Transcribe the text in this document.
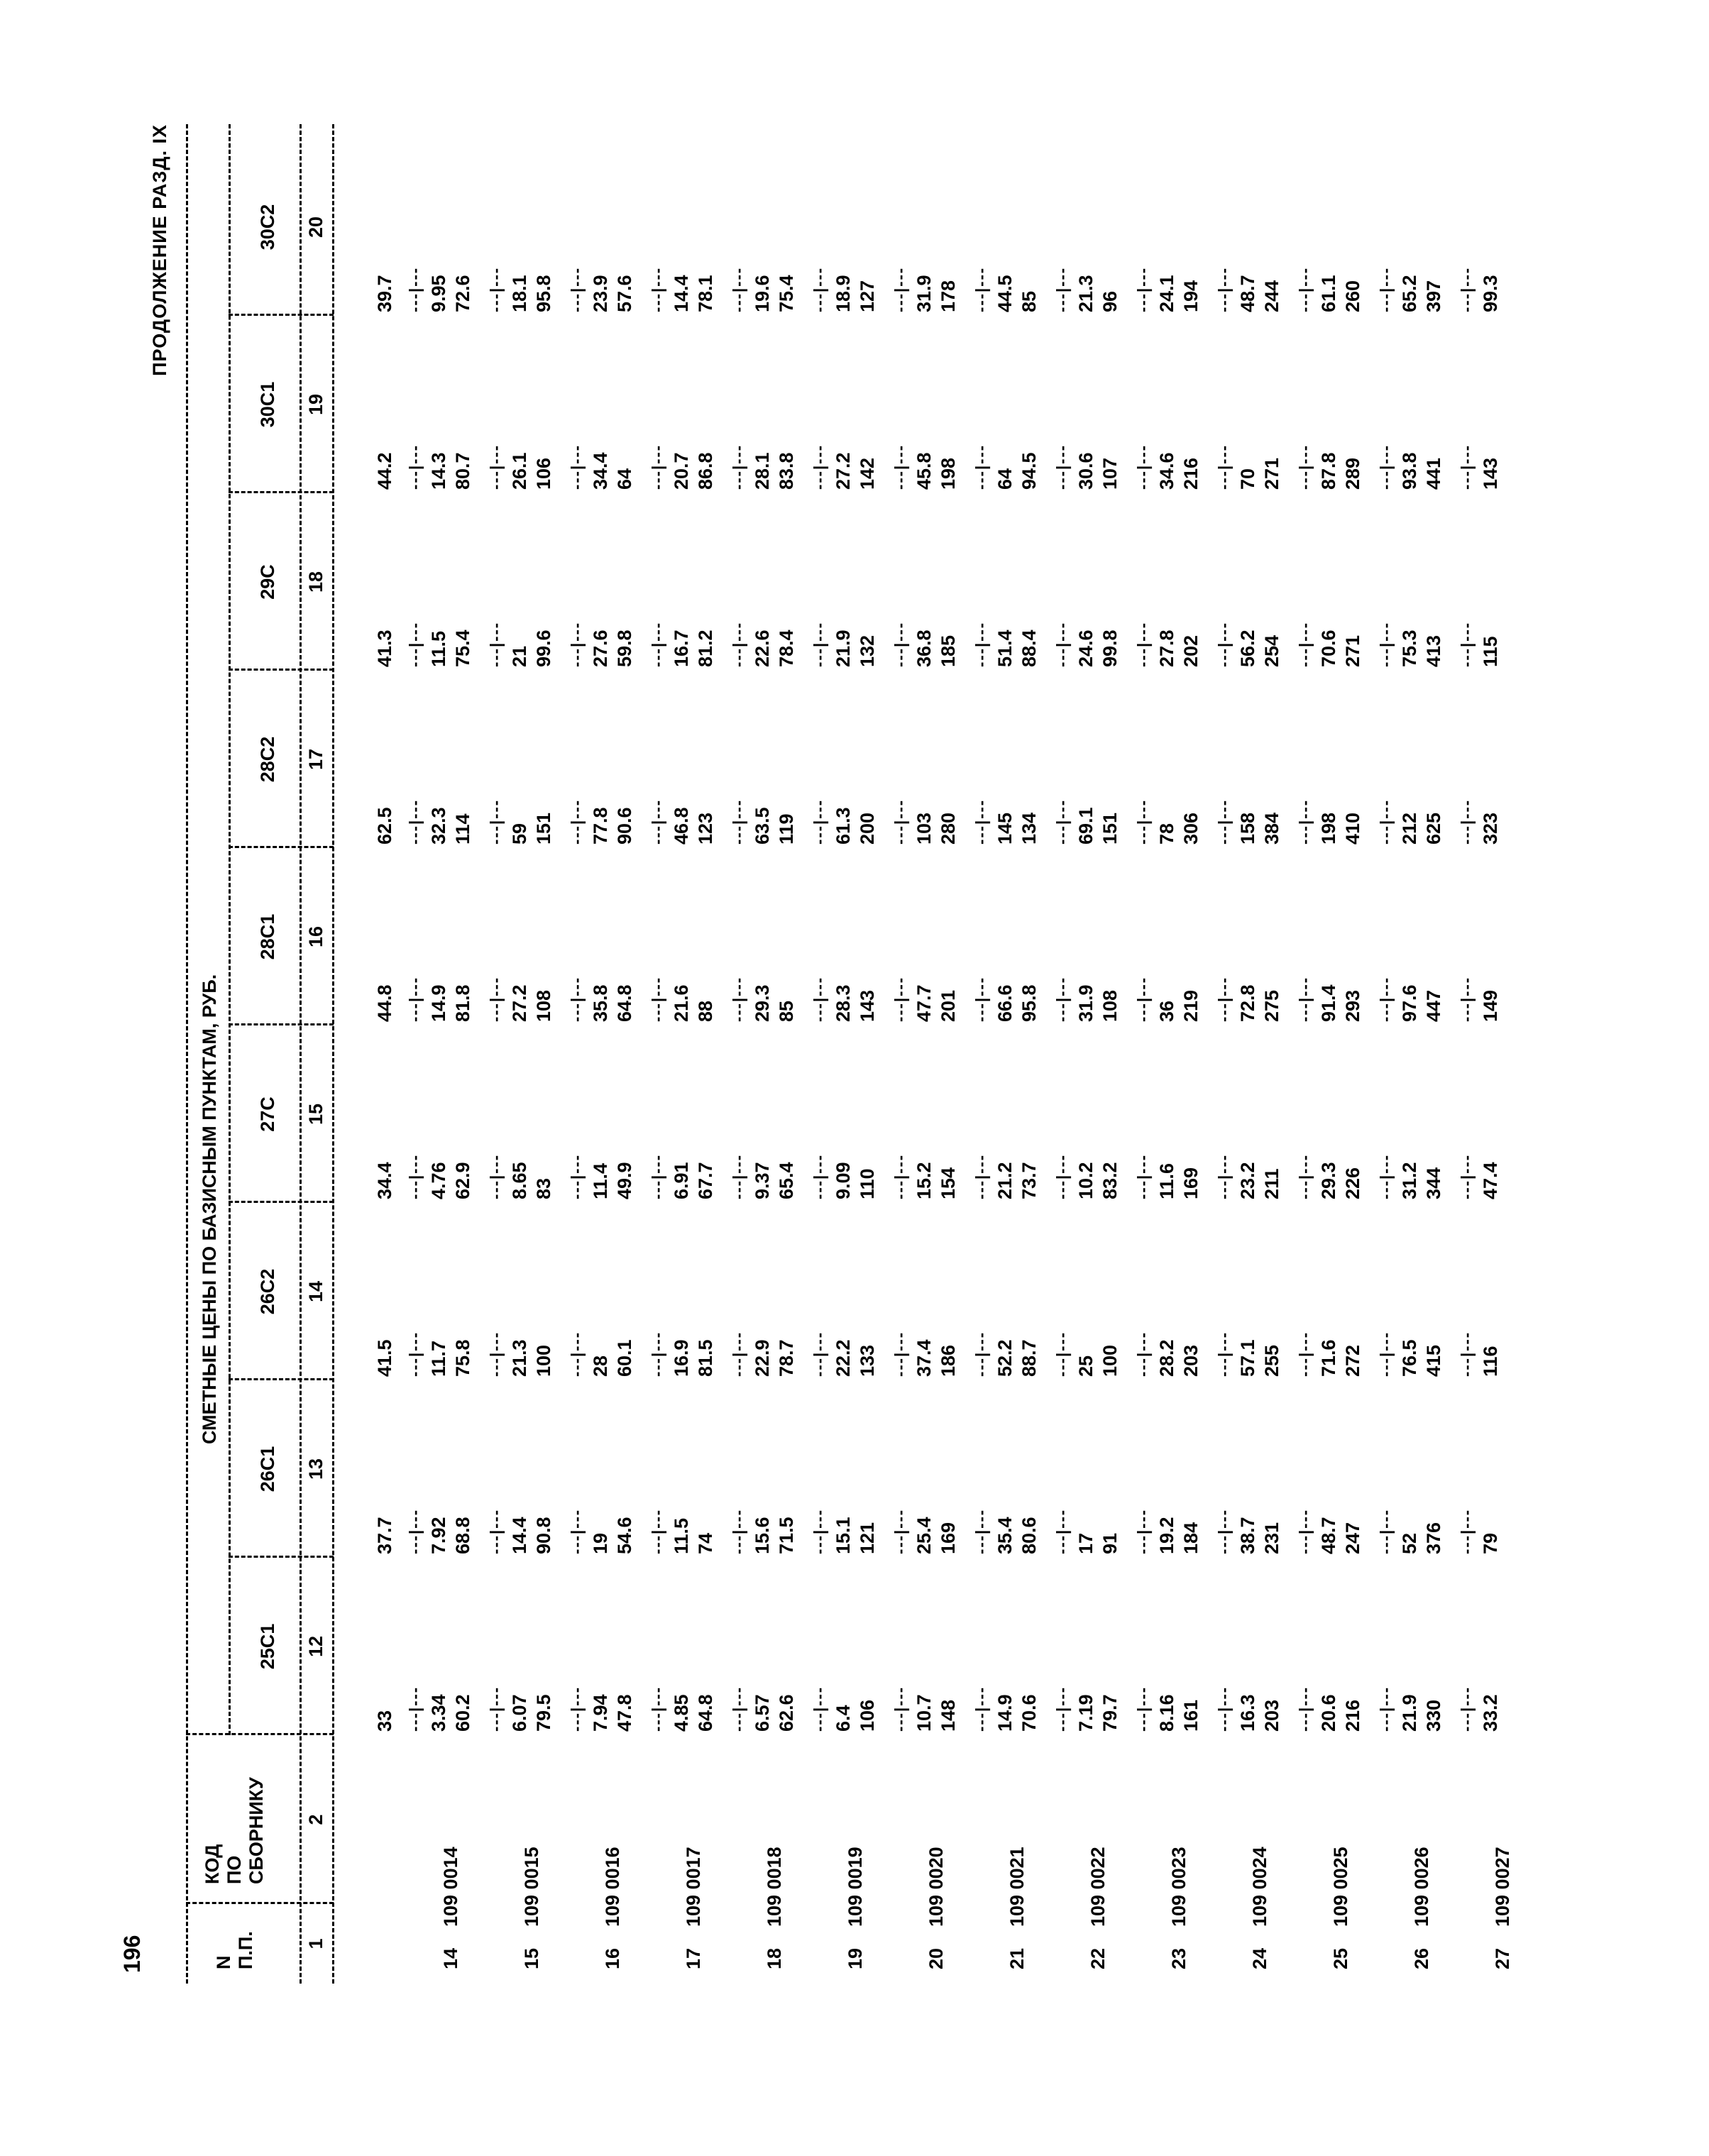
196
ПРОДОЛЖЕНИЕ РАЗД. IX
N П.П.
КОД ПО СБОРНИКУ
СМЕТНЫЕ ЦЕНЫ ПО БАЗИСНЫМ ПУНКТАМ, РУБ.
25С1 12
26С1 13
26С2 14
27С 15
28С1 16
28С2 17
29С 18
30С1 19
30С2 20
1
2
33
37.7
41.5
34.4
44.8
62.5
41.3
44.2
39.7
14109 0014
---|--- 3.34 60.2
---|--- 7.92 68.8
---|--- 11.7 75.8
---|--- 4.76 62.9
---|--- 14.9 81.8
---|--- 32.3 114
---|--- 11.5 75.4
---|--- 14.3 80.7
---|--- 9.95 72.6
15109 0015
---|--- 6.07 79.5
---|--- 14.4 90.8
---|--- 21.3 100
---|--- 8.65 83
---|--- 27.2 108
---|--- 59 151
---|--- 21 99.6
---|--- 26.1 106
---|--- 18.1 95.8
16109 0016
---|--- 7.94 47.8
---|--- 19 54.6
---|--- 28 60.1
---|--- 11.4 49.9
---|--- 35.8 64.8
---|--- 77.8 90.6
---|--- 27.6 59.8
---|--- 34.4 64
---|--- 23.9 57.6
17109 0017
---|--- 4.85 64.8
---|--- 11.5 74
---|--- 16.9 81.5
---|--- 6.91 67.7
---|--- 21.6 88
---|--- 46.8 123
---|--- 16.7 81.2
---|--- 20.7 86.8
---|--- 14.4 78.1
18109 0018
---|--- 6.57 62.6
---|--- 15.6 71.5
---|--- 22.9 78.7
---|--- 9.37 65.4
---|--- 29.3 85
---|--- 63.5 119
---|--- 22.6 78.4
---|--- 28.1 83.8
---|--- 19.6 75.4
19109 0019
---|--- 6.4 106
---|--- 15.1 121
---|--- 22.2 133
---|--- 9.09 110
---|--- 28.3 143
---|--- 61.3 200
---|--- 21.9 132
---|--- 27.2 142
---|--- 18.9 127
20109 0020
---|--- 10.7 148
---|--- 25.4 169
---|--- 37.4 186
---|--- 15.2 154
---|--- 47.7 201
---|--- 103 280
---|--- 36.8 185
---|--- 45.8 198
---|--- 31.9 178
21109 0021
---|--- 14.9 70.6
---|--- 35.4 80.6
---|--- 52.2 88.7
---|--- 21.2 73.7
---|--- 66.6 95.8
---|--- 145 134
---|--- 51.4 88.4
---|--- 64 94.5
---|--- 44.5 85
22109 0022
---|--- 7.19 79.7
---|--- 17 91
---|--- 25 100
---|--- 10.2 83.2
---|--- 31.9 108
---|--- 69.1 151
---|--- 24.6 99.8
---|--- 30.6 107
---|--- 21.3 96
23109 0023
---|--- 8.16 161
---|--- 19.2 184
---|--- 28.2 203
---|--- 11.6 169
---|--- 36 219
---|--- 78 306
---|--- 27.8 202
---|--- 34.6 216
---|--- 24.1 194
24109 0024
---|--- 16.3 203
---|--- 38.7 231
---|--- 57.1 255
---|--- 23.2 211
---|--- 72.8 275
---|--- 158 384
---|--- 56.2 254
---|--- 70 271
---|--- 48.7 244
25109 0025
---|--- 20.6 216
---|--- 48.7 247
---|--- 71.6 272
---|--- 29.3 226
---|--- 91.4 293
---|--- 198 410
---|--- 70.6 271
---|--- 87.8 289
---|--- 61.1 260
26109 0026
---|--- 21.9 330
---|--- 52 376
---|--- 76.5 415
---|--- 31.2 344
---|--- 97.6 447
---|--- 212 625
---|--- 75.3 413
---|--- 93.8 441
---|--- 65.2 397
27109 0027
---|--- 33.2
---|--- 79
---|--- 116
---|--- 47.4
---|--- 149
---|--- 323
---|--- 115
---|--- 143
---|--- 99.3
